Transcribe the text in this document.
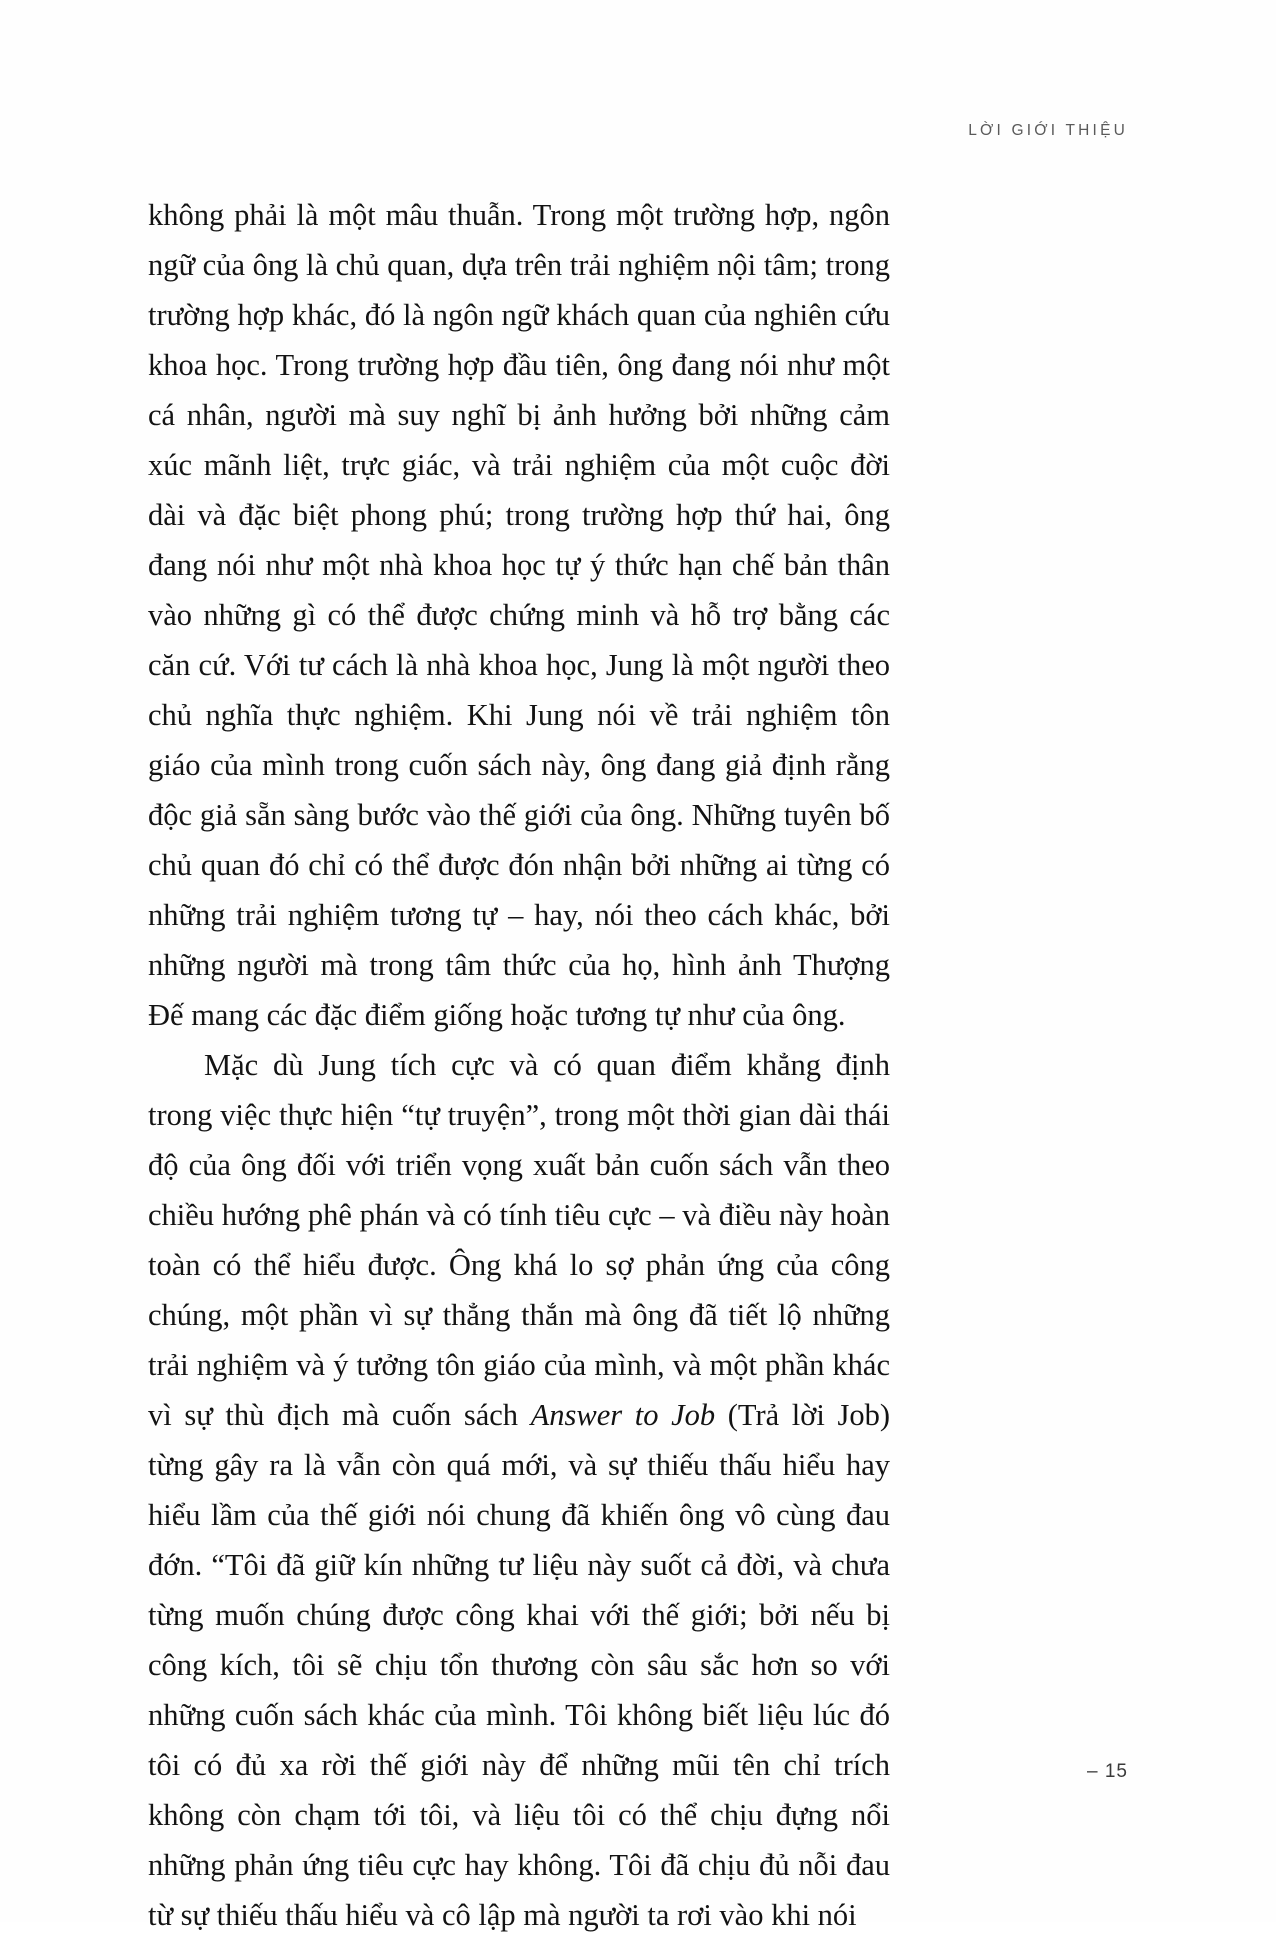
LỜI GIỚI THIỆU

không phải là một mâu thuẫn. Trong một trường hợp, ngôn ngữ của ông là chủ quan, dựa trên trải nghiệm nội tâm; trong trường hợp khác, đó là ngôn ngữ khách quan của nghiên cứu khoa học. Trong trường hợp đầu tiên, ông đang nói như một cá nhân, người mà suy nghĩ bị ảnh hưởng bởi những cảm xúc mãnh liệt, trực giác, và trải nghiệm của một cuộc đời dài và đặc biệt phong phú; trong trường hợp thứ hai, ông đang nói như một nhà khoa học tự ý thức hạn chế bản thân vào những gì có thể được chứng minh và hỗ trợ bằng các căn cứ. Với tư cách là nhà khoa học, Jung là một người theo chủ nghĩa thực nghiệm. Khi Jung nói về trải nghiệm tôn giáo của mình trong cuốn sách này, ông đang giả định rằng độc giả sẵn sàng bước vào thế giới của ông. Những tuyên bố chủ quan đó chỉ có thể được đón nhận bởi những ai từng có những trải nghiệm tương tự – hay, nói theo cách khác, bởi những người mà trong tâm thức của họ, hình ảnh Thượng Đế mang các đặc điểm giống hoặc tương tự như của ông.

Mặc dù Jung tích cực và có quan điểm khẳng định trong việc thực hiện “tự truyện”, trong một thời gian dài thái độ của ông đối với triển vọng xuất bản cuốn sách vẫn theo chiều hướng phê phán và có tính tiêu cực – và điều này hoàn toàn có thể hiểu được. Ông khá lo sợ phản ứng của công chúng, một phần vì sự thẳng thắn mà ông đã tiết lộ những trải nghiệm và ý tưởng tôn giáo của mình, và một phần khác vì sự thù địch mà cuốn sách Answer to Job (Trả lời Job) từng gây ra là vẫn còn quá mới, và sự thiếu thấu hiểu hay hiểu lầm của thế giới nói chung đã khiến ông vô cùng đau đớn. “Tôi đã giữ kín những tư liệu này suốt cả đời, và chưa từng muốn chúng được công khai với thế giới; bởi nếu bị công kích, tôi sẽ chịu tổn thương còn sâu sắc hơn so với những cuốn sách khác của mình. Tôi không biết liệu lúc đó tôi có đủ xa rời thế giới này để những mũi tên chỉ trích không còn chạm tới tôi, và liệu tôi có thể chịu đựng nổi những phản ứng tiêu cực hay không. Tôi đã chịu đủ nỗi đau từ sự thiếu thấu hiểu và cô lập mà người ta rơi vào khi nói

– 15
